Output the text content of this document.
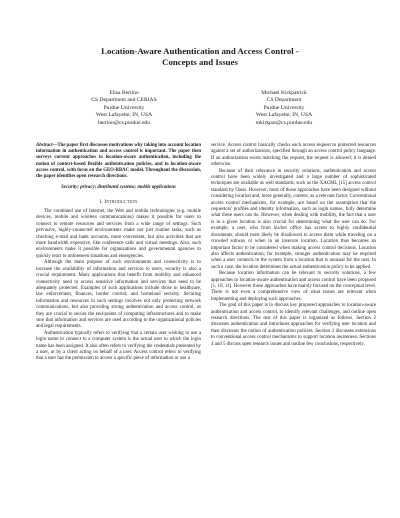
Location-Aware Authentication and Access Control -
Concepts and Issues
Elisa Bertino
CS Department and CERIAS
Purdue University
West Lafayette, IN, USA
bertino@cs.purdue.edu
Michael Kirkpatrick
CS Department
Purdue University
West Lafayette, IN, USA
mkirkpat@cs.purdue.edu
Abstract—The paper first discusses motivations why taking into account location information in authentication and access control is important. The paper then surveys current approaches to location-aware authentication, including the notion of context-based flexible authentication policies, and to location-aware access control, with focus on the GEO-RBAC model. Throughout the discussion, the paper identifies open research directions.
Security; privacy; distributed systems; mobile applications
I. Introduction

The combined use of Internet, the Web and mobile technologies (e.g. mobile devices, mobile and wireless communications) makes it possible for users to connect to remote resources and services from a wide range of settings. Such pervasive, highly-connected environments make not just routine tasks, such as checking e-mail and bank accounts, more convenient, but also activities that are more bandwidth expensive, like conference calls and virtual meetings. Also, such environments make it possible for organizations and governmental agencies to quickly react to unforeseen situations and emergencies.

Although the main purpose of such environments and connectivity is to increase the availability of information and services to users, security is also a crucial requirement. Many applications that benefit from mobility and enhanced connectivity need to access sensitive information and services that need to be adequately protected. Examples of such applications include those in healthcare, law enforcement, finances, border control, and homeland security. Securing information and resources in such settings involves not only protecting network communications, but also providing strong authentication and access control, as they are crucial to secure the end-points of computing infrastructures and to make sure that information and services are used according to the organizational policies and legal requirements.

Authentication typically refers to verifying that a certain user wishing to use a login name to connect to a computer system is the actual user to which the login name has been assigned. It also often refers to verifying the credentials presented by a user, or by a client acting on behalf of a user. Access control refers to verifying that a user has the permission to access a specific piece of information or use a

service. Access control basically checks each access request to protected resources against a set of authorizations, specified through an access control policy language. If an authorization exists matching the request, the request is allowed; it is denied otherwise.

Because of their relevance in security solutions, authentication and access control have been widely investigated and a large number of sophisticated techniques are available as well standards, such as the XACML [15] access control standard by Oasis. However, most of those approaches have been designed without considering location and, more generally, context, as a relevant factor. Conventional access control mechanisms, for example, are based on the assumption that the requestors' profiles and identity information, such as login names, fully determine what these users can do. However, when dealing with mobility, the fact that a user is in a given location is also crucial for determining what the user can do. For example, a user, who from his/her office has access to highly confidential documents, should most likely be disallowed to access them while traveling on a crowded subway or when in an insecure location. Location thus becomes an important factor to be considered when making access control decisions. Location also affects authentication; for example, stronger authentication may be required when a user connects to the system from a location that is unusual for the user. In such a case, the location determines the actual authentication policy to be applied.

Because location information can be relevant to security solutions, a few approaches to location-aware authentication and access control have been proposed [1, 10, 11]. However those approaches have mainly focused on the conceptual level. There is not even a comprehensive view of what issues are relevant when implementing and deploying such approaches.

The goal of this paper is to discuss key proposed approaches to location-aware authentication and access control, to identify relevant challenges, and outline open research directions. The rest of this paper is organized as follows. Section 2 discusses authentication and introduces approaches for verifying user location and then discusses the notion of authentication policies. Section 3 discusses extensions to conventional access control mechanisms to support location awareness. Sections 4 and 5 discuss open research issues and outline few conclusions, respectively.
